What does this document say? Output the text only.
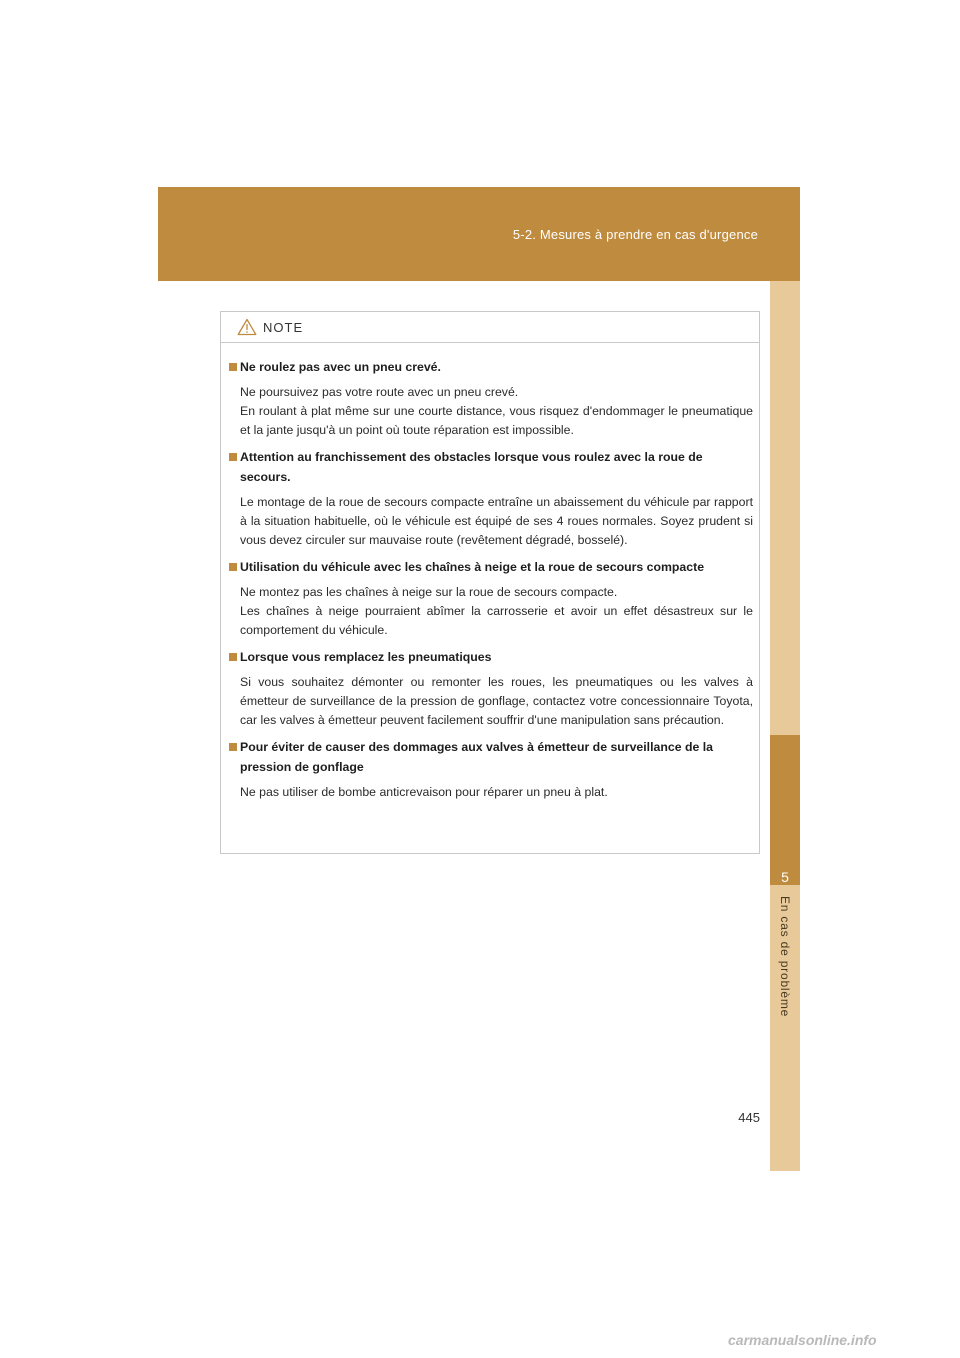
5-2. Mesures à prendre en cas d'urgence
5
En cas de problème
NOTE
Ne roulez pas avec un pneu crevé.
Ne poursuivez pas votre route avec un pneu crevé.
En roulant à plat même sur une courte distance, vous risquez d'endommager le pneumatique et la jante jusqu'à un point où toute réparation est impossible.
Attention au franchissement des obstacles lorsque vous roulez avec la roue de secours.
Le montage de la roue de secours compacte entraîne un abaissement du véhicule par rapport à la situation habituelle, où le véhicule est équipé de ses 4 roues normales. Soyez prudent si vous devez circuler sur mauvaise route (revêtement dégradé, bosselé).
Utilisation du véhicule avec les chaînes à neige et la roue de secours compacte
Ne montez pas les chaînes à neige sur la roue de secours compacte.
Les chaînes à neige pourraient abîmer la carrosserie et avoir un effet désastreux sur le comportement du véhicule.
Lorsque vous remplacez les pneumatiques
Si vous souhaitez démonter ou remonter les roues, les pneumatiques ou les valves à émetteur de surveillance de la pression de gonflage, contactez votre concessionnaire Toyota, car les valves à émetteur peuvent facilement souffrir d'une manipulation sans précaution.
Pour éviter de causer des dommages aux valves à émetteur de surveillance de la pression de gonflage
Ne pas utiliser de bombe anticrevaison pour réparer un pneu à plat.
445
carmanualsonline.info
